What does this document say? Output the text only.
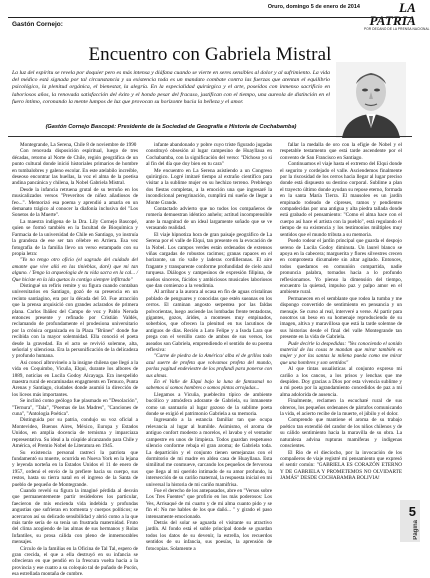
Oruro, domingo 5 de enero de 2014	LA PATRIA
POR DECANO DE LA PRENSA NACIONAL
Gastón Cornejo:
Encuentro con Gabriela Mistral
La luz del espíritu se revela por doquier pero es más intensa y diáfana cuando se vierte en seres sensibles al dolor y al sufrimiento. La vida del médico está signada por tal circunstancia y su existencia toda es un mandato combate contra las fuerzas que atentan el equilibrio psicológico, la plenitud orgánica, el bienestar, la alegría. En la especialidad quirúrgica y el arte, poseídos con inmenso sacrificio en laboriosos años, la renovada satisfacción del éxito y el hondo pesar del fracaso, justifican con el tiempo, una aureola de distinción en el fuero íntimo, coronando la mente lumpos de luz que provocan su horizonte hacia la belleza y el amor.
(Gastón Cornejo Bascopé: Presidente de la Sociedad de Geografía e Historia de Cochabamba)

Montegrande, La Serena, Chile 8 de noviembre de 1990

Con renovada disposición espiritual, luego de tres décadas, retorno al Norte de Chile, región geográfica de un punto cultural donde inició historiales primarios de hombre en tumbalobres y galeno escolar. En este atelabilo increíble, deseoso encontrar las huellas, la voz el alma de la poetisa andina pancánica y chilena, la Nobel Gabriela Mistral.

Desde la infancia retruena grutal de su terruño en los musicalizados versos "Preveritos de niñez añadiosos de feo...". Memorizó esa poema y aprendió a amarla en un demanato trágico al conocer la diafonía inclusiva del "Los Sonetos de la Muerte".

La maestra indígena de la Dra. Lily Cornejo Bascopé, quien se formó también en la facultad de Bioquímica y Farmacia de la universidad de Chile en Santiago, yo instruía la grandeza de ese ser tan célebre en Arriera. Esa vez fotografía de la familia llevo un verso estampado con su propia letra:

"Yo no tengo otro oficio (el sagrado del cuidado del amante que vive allá en las tinieblas, daré) que mi tan alguno. / Tengo la arqueologia de tu vida sacra en la cal... / Que hiciste en la ida quetas lo contigo siempre infiltrado"

Distingué un refiris remite y su figura cuando contaban universitarios en Santiago, gozó de su presencia en un recinto santiagino, era por la década del 50. Fue atracción que la prensa arquisició con grandes aclarados de primera plana. Carlos Ibáñez del Campo de voz y Pablo Neruda entonces presente y refinado por Cristián Valdés, reclamando de profundamente el prodesiona universitario por la crónica organizada en la Plaza "Brünes" donde fue recibida con la mayor solemnidad. Ella conoció el poeta desde la gravedad. En el acto se revivió solemne, alta, señorial y silenciosa. Era la personificación de la delicadeza y profundo humana.

Así conocí albrovinelo a la insigne chilena que llegó a la vida en Coquimbo, Vicuña, Elqui, durante los albores de 1889, noticias en Lucila Godoy Alcayaga. Era inexpelido maestra rural de encaminadas engagments en Temuco, Punta Arenas y Santiago, ciudades donde asumió la dirección de los liceos más importantes.

Se inclinó como geólogo fue plasmado en "Desolación", "Ternura", "Tala", "Poemas de las Madres", "Canciones de cuna", "Antología Poética".

Distinguida por su patria, condujo su voz oficial a Montevideo, Buenos Aires, México, Europa y Estados Unidos, en amplia docencia de ternisma y imparciaza representativa. Su ideal a la cúspide alcanzando para Chile y América, el Premio Nobel de Literatura en 1945.

Su existencia personal rastrecí la patriota que fundamentó su muerte, ocurrida en Nueva York en la lejana y leyenda norteña en la Estados Unidos el 11 de enero de 1957, ordenó el envío de la prefiere hacia su cuerpo, sus restos, hasta su tierra natal en el ingreso de la Santa de pueblo de pequeño de Montegrande.

Cuando reveló su figura la imaginé pérdida al desván que permanentemente partir residedores los particular, faecieron de mis encienda vida indebida y profundas angustias que sufrieran en tormenta y cuerpos políticos; se acercaron así su delicado sensibilidad y abrió como a la que más tarde sería de su tenía un frustrada maternidad. Fruto del clima acogiendo de las almas de sus hermanos y Rolas Infantiles, su prosa cálida con pleno de inmemorables mensajes.

Círculo de la familias en la Oficina de Tal Tal, espero de gran crecida, el que a ella destruyó en su infancia se ofrecieran en que pendió en la frescura vuelta hacia a la provincia y ese cuatro a su coloquio tal de puñado de Pucón, esa estrellada montaña de cumbre.

infante abandonado y pobre cuyo triste figurado jugadas constituyó obsesión al lugar campesino de Huayllaua en Cochabamba, con la significación del verso: "Dichoso yo si al fin del día que doy bien en tu cara"

Me encuentro en La Serena asistiendo a un Congreso quirúrgico. Logré imitaré tiempo al extraño científico para visitar a la sublime mujer en su hechizo terreno. Preblengo dos fiestas completas, a la emoción una que ingresaré la incondicional peregrinación, cumplirá mi sueño de llegar a Monte Grande.

Contactado advierto que no todos los compañeros de romería demuestran idéntico anhelo; actitud incomprensible ante la magnitud de un ideal largamente soñado que se ve verasando realidad.

El viaje hipnotiza hora de gran paisaje geográfico de La Serena por el valle de Elqui, tan presente en la evocación de la Nobel. Los campos verdes están ordenados de extensos viñas cargadas de robustos racimos; granas rapaces en el horizonte, un río valle y laderas cordilleranas. El aire fragante y transparente conforme profundidad de cielo azul turquesa. Diálogos y campesinos de expresión filipina, de sueños sinceros, fácidos y ambiciosos musicales laboriosos que dan comienzo a la vendimia.

Al arribar a la aurora al ocasa en fin de aguas cristalinas poblado de penguares y conocidas que estén sueanas en los cerros. El caminan angosto serpentea por las faldas polvorientas, luego asciende las lombadas frente tentadoras, gigantes, gozos, árides, a monteses muy empinados, soberbios, que ofrecen la plenitud en tus lacutinos de antiguos de días. Recién a Loto Felipe y a Isoda Lara que prega con el versillo casto de ambos de sus versos, los aseados son Gabriela, emprendiendo el sentido de su poema reflexiva:

"Carne de piedra de la América/ alba el de grillos todo azul suerte de profeta que volvamos profeta del mundo, porlas yagitud endeviestre de los profundi para ponerse con sus almas.

En el Valle de Elqui bajo la luna de fantasmal no sabemos si somos hombres o somos pintas arrojadas...

Llegamos a Vicuña, pueblecito típico de ambiente bucólico y atmósfera adorante de Gabriela, su inmanente como un santuario al lugar gozoso de la sublime poeta donde se exigió el patrimonio Gabriela a su memoria.

Ingresando a la estancia familiar tan que ocupa relevancia al lugar al humilde. Asimismo, el aroma de antiguo confort modesto a morelos, el lavabo y el ventador campestre en unos de limpieza. Todos guardan respetuoso silencio conforme rebaja el gran aroma; de Gabriela toda. La departición y el conjunto tienen semejanzas con el dormitorio de mi madre en aldea casa de Huayllaua. Esta similitud me conmueve, carcando los pequeños de fervorosa que llega al mi querido intimado de su amor profundo, la intersección de su cariño maternal, la respuesta inicial en mi universal la historia de mi cariño mamifrisa.

Fue el derecho de los antepasados, abre en "Versos sobre Los Tres Fuentes" que profirío en los más poderosos: Los Ves, Arrisaqué de mi cuarto y de mi alma cuanto pido y se fin el: No me hables de los que dañó... " y girado el paso intensamente emocionado.

Detrás del solar se aguarda el visitante su atractivo jardín. Al fondo está el suble principal donde se guardan todos los datos de su devenir, la estrella, los recuerdos sentidos de su infancia, sus poesías, la aprensión de fotocopias. Solamente a

fallar la medalla de oro con la efigie de Nobel y el respetable testamento que está tarde ascendente por el convento de San Francisco en Santiago.

Continuamos el viaje hasta el extremo del Elqui donde el segurito y cordejado el valle. Asciendemos finalmente por la riscosidad de los cerros hacia llegar al lugar preciso donde está dispuesto su destino corporal. Sublime a plan el trayecto último donde ayudan su repose eterno, formada en la santa María Tierra. El mausoleo es un jardín empinado rodeado de cipreses, ramos y pendientes compadecidas por una antigua y alta piedra tallada donde está grabado el pensamiento: "Como el alma hace con el cuerpo así hace el artista con la pueblo", está regulando el tiempo de su existencia y los testimonios múltiples muy sentidos que el mundo tributa a su memoria.

Puedo rodear el jardín principal que guarda el despojo sereno de Lucila Godoy diminuta. Un laurel blanco se apoya en la cabecera; marguerita y flores silvestres crecen en comprotesta dicumalete sin altar agitado. Entonces, todos quedamos en comunión compartida, nadie pronuncia palabra, tornados hacia a lo profundo reflexionamos. Yo pienso la dimensión del tiempo, encuentro la quietud, impulso paz y palpo amor en el ambiente rural.

Permanecen en el semblante que rodea la tumba y me dispongo convertido de sentimiento en pensancia y un mensaje. Se curso al real, interveré a verse. Al partir para nosotros un beso en su homenaje reproduciendo de su imagen, altiva y maravillosa que está la tarde solemne de sus historias desde el final del valle Montegrande tan presente en la vida de Gabriela.

Pude decirle la despedidas: "Yes conociendo el sonido material de las cosas te mandan que mirar también es mujer y por las santas la milena pueda como me mirar que una hombres y son sentidos"

Al que tintas usualísticas al conjunto expreso mi cariño a los cancos, a los prisos y lenchas que me despiden. Doy gracias a Dios por esta vivencia sublime y a mi poeta por la agrandamiento concedidos de paz a mi alma adolorida de ausencia.

Finalmente, reclamen la escuchaté rural de sus obreros, los pequeños ordenanes de párrafos comunicando la vida, el acierto recibe de la muerte, el júbilo y el dolor.

Comprendo que mantiene el aroma de su trabajo poético tan extendió del candor de los niños chilenos y de su cálido sentimiento hacia la maravilla de su obra. La naturaleza advina rupturas mamíferas y indígenas conscientes.

El Rio de el dieciocho, por la invocación de los compañeros de viaje registré mi pensamiento que expresó el sentir común: "GABRIELA ES CORAZÓN ETERNO Y DE GABRIELA Y PROMETEMOS NO OLVIDARTE JAMÁS" DESDE COCHABAMBA BOLIVIA!

5
Página
